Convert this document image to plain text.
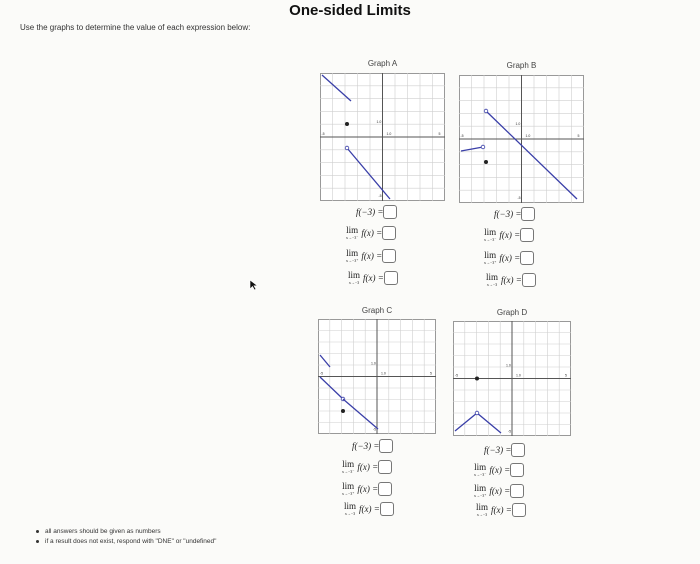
One-sided Limits
Use the graphs to determine the value of each expression below:
Graph A
-5	5
1.0
1.0
-5
Graph B
-5	5
1.0
1.0
-5
Graph C
-5	5
1.0
1.0
-5
Graph D
-5	5
1.0
1.0
-5
f(−3) =
lim
x→−3⁻ f(x) =
lim
x→−3⁺ f(x) =
lim
x→−3 f(x) =
f(−3) =
lim
x→−3⁻ f(x) =
lim
x→−3⁺ f(x) =
lim
x→−3 f(x) =
f(−3) =
lim
x→−3⁻ f(x) =
lim
x→−3⁺ f(x) =
lim
x→−3 f(x) =
f(−3) =
lim
x→−3⁻ f(x) =
lim
x→−3⁺ f(x) =
lim
x→−3 f(x) =
all answers should be given as numbers
if a result does not exist, respond with "DNE" or "undefined"
